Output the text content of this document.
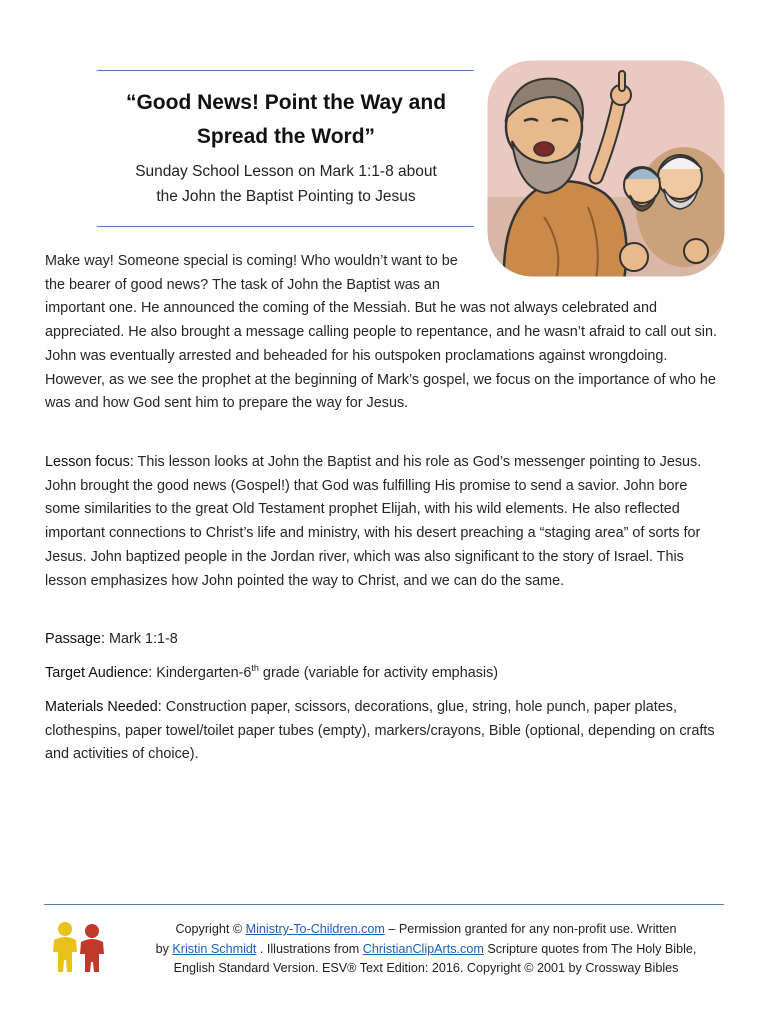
“Good News! Point the Way and
Spread the Word”
Sunday School Lesson on Mark 1:1-8 about
the John the Baptist Pointing to Jesus

Make way! Someone special is coming! Who wouldn’t want to be the bearer of good news? The task of John the Baptist was an important one. He announced the coming of the Messiah. But he was not always celebrated and appreciated. He also brought a message calling people to repentance, and he wasn’t afraid to call out sin. John was eventually arrested and beheaded for his outspoken proclamations against wrongdoing. However, as we see the prophet at the beginning of Mark’s gospel, we focus on the importance of who he was and how God sent him to prepare the way for Jesus.

Lesson focus: This lesson looks at John the Baptist and his role as God’s messenger pointing to Jesus. John brought the good news (Gospel!) that God was fulfilling His promise to send a savior. John bore some similarities to the great Old Testament prophet Elijah, with his wild elements. He also reflected important connections to Christ’s life and ministry, with his desert preaching a “staging area” of sorts for Jesus. John baptized people in the Jordan river, which was also significant to the story of Israel. This lesson emphasizes how John pointed the way to Christ, and we can do the same.

Passage: Mark 1:1-8

Target Audience: Kindergarten-6th grade (variable for activity emphasis)

Materials Needed: Construction paper, scissors, decorations, glue, string, hole punch, paper plates, clothespins, paper towel/toilet paper tubes (empty), markers/crayons, Bible (optional, depending on crafts and activities of choice).

Copyright © Ministry-To-Children.com – Permission granted for any non-profit use. Written
by Kristin Schmidt . Illustrations from ChristianClipArts.com Scripture quotes from The Holy Bible,
English Standard Version. ESV® Text Edition: 2016. Copyright © 2001 by Crossway Bibles
